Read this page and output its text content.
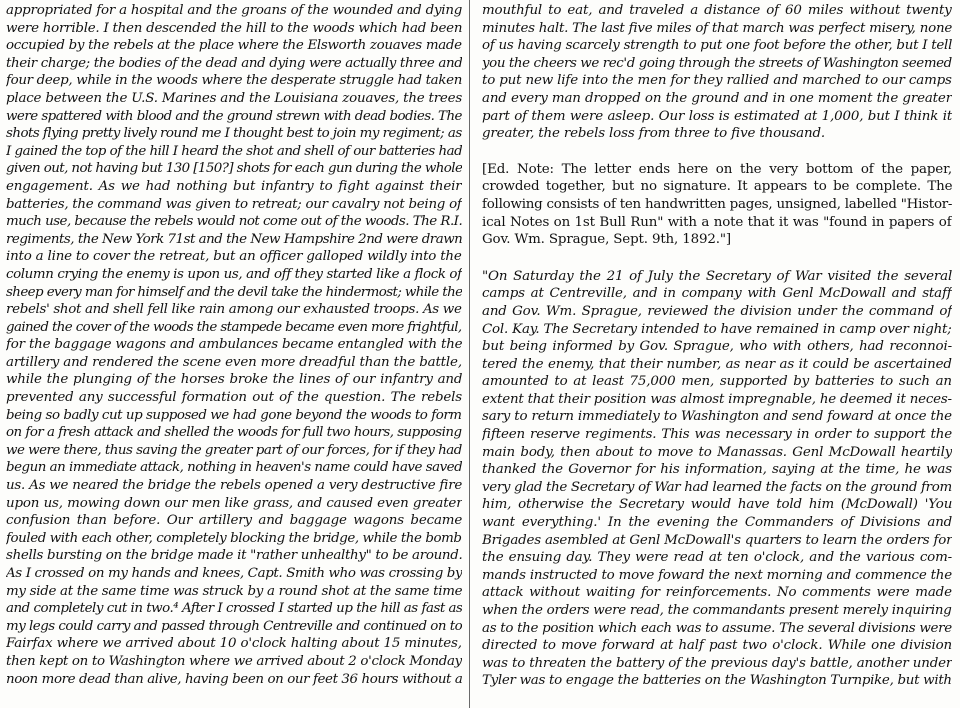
appropriated for a hospital and the groans of the wounded and dying
were horrible. I then descended the hill to the woods which had been
occupied by the rebels at the place where the Elsworth zouaves made
their charge; the bodies of the dead and dying were actually three and
four deep, while in the woods where the desperate struggle had taken
place between the U.S. Marines and the Louisiana zouaves, the trees
were spattered with blood and the ground strewn with dead bodies. The
shots flying pretty lively round me I thought best to join my regiment; as
I gained the top of the hill I heard the shot and shell of our batteries had
given out, not having but 130 [150?] shots for each gun during the whole
engagement. As we had nothing but infantry to fight against their
batteries, the command was given to retreat; our cavalry not being of
much use, because the rebels would not come out of the woods. The R.I.
regiments, the New York 71st and the New Hampshire 2nd were drawn
into a line to cover the retreat, but an officer galloped wildly into the
column crying the enemy is upon us, and off they started like a flock of
sheep every man for himself and the devil take the hindermost; while the
rebels' shot and shell fell like rain among our exhausted troops. As we
gained the cover of the woods the stampede became even more frightful,
for the baggage wagons and ambulances became entangled with the
artillery and rendered the scene even more dreadful than the battle,
while the plunging of the horses broke the lines of our infantry and
prevented any successful formation out of the question. The rebels
being so badly cut up supposed we had gone beyond the woods to form
on for a fresh attack and shelled the woods for full two hours, supposing
we were there, thus saving the greater part of our forces, for if they had
begun an immediate attack, nothing in heaven's name could have saved
us. As we neared the bridge the rebels opened a very destructive fire
upon us, mowing down our men like grass, and caused even greater
confusion than before. Our artillery and baggage wagons became
fouled with each other, completely blocking the bridge, while the bomb
shells bursting on the bridge made it "rather unhealthy" to be around.
As I crossed on my hands and knees, Capt. Smith who was crossing by
my side at the same time was struck by a round shot at the same time
and completely cut in two.⁴ After I crossed I started up the hill as fast as
my legs could carry and passed through Centreville and continued on to
Fairfax where we arrived about 10 o'clock halting about 15 minutes,
then kept on to Washington where we arrived about 2 o'clock Monday
noon more dead than alive, having been on our feet 36 hours without a
mouthful to eat, and traveled a distance of 60 miles without twenty
minutes halt. The last five miles of that march was perfect misery, none
of us having scarcely strength to put one foot before the other, but I tell
you the cheers we rec'd going through the streets of Washington seemed
to put new life into the men for they rallied and marched to our camps
and every man dropped on the ground and in one moment the greater
part of them were asleep. Our loss is estimated at 1,000, but I think it
greater, the rebels loss from three to five thousand.
[Ed. Note: The letter ends here on the very bottom of the paper,
crowded together, but no signature. It appears to be complete. The
following consists of ten handwritten pages, unsigned, labelled "Histor-
ical Notes on 1st Bull Run" with a note that it was "found in papers of
Gov. Wm. Sprague, Sept. 9th, 1892."]
"On Saturday the 21 of July the Secretary of War visited the several
camps at Centreville, and in company with Genl McDowall and staff
and Gov. Wm. Sprague, reviewed the division under the command of
Col. Kay. The Secretary intended to have remained in camp over night;
but being informed by Gov. Sprague, who with others, had reconnoi-
tered the enemy, that their number, as near as it could be ascertained
amounted to at least 75,000 men, supported by batteries to such an
extent that their position was almost impregnable, he deemed it neces-
sary to return immediately to Washington and send foward at once the
fifteen reserve regiments. This was necessary in order to support the
main body, then about to move to Manassas. Genl McDowall heartily
thanked the Governor for his information, saying at the time, he was
very glad the Secretary of War had learned the facts on the ground from
him, otherwise the Secretary would have told him (McDowall) 'You
want everything.' In the evening the Commanders of Divisions and
Brigades asembled at Genl McDowall's quarters to learn the orders for
the ensuing day. They were read at ten o'clock, and the various com-
mands instructed to move foward the next morning and commence the
attack without waiting for reinforcements. No comments were made
when the orders were read, the commandants present merely inquiring
as to the position which each was to assume. The several divisions were
directed to move forward at half past two o'clock. While one division
was to threaten the battery of the previous day's battle, another under
Tyler was to engage the batteries on the Washington Turnpike, but with
